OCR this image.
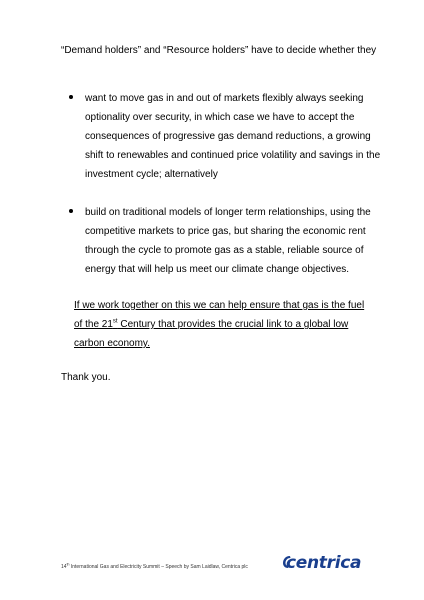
“Demand holders” and “Resource holders” have to decide whether they

want to move gas in and out of markets flexibly always seeking optionality over security, in which case we have to accept the consequences of progressive gas demand reductions, a growing shift to renewables and continued price volatility and savings in the investment cycle; alternatively
build on traditional models of longer term relationships, using the competitive markets to price gas, but sharing the economic rent through the cycle to promote gas as a stable, reliable source of energy that will help us meet our climate change objectives.

If we work together on this we can help ensure that gas is the fuel of the 21st Century that provides the crucial link to a global low carbon economy.

Thank you.

14th International Gas and Electricity Summit – Speech by Sam Laidlaw, Centrica plc centrica
